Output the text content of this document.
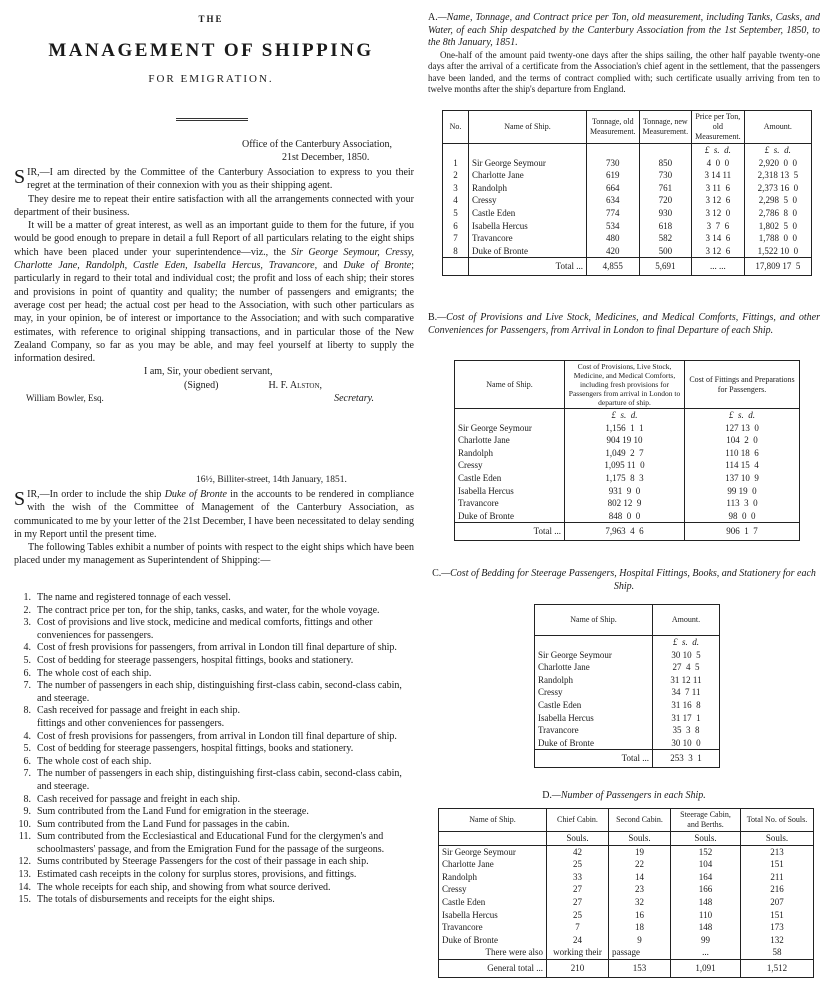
THE
MANAGEMENT OF SHIPPING
FOR EMIGRATION.
Office of the Canterbury Association,
21st December, 1850.

SIR,—I am directed by the Committee of the Canterbury Association to express to you their regret at the termination of their connexion with you as their shipping agent.

They desire me to repeat their entire satisfaction with all the arrangements connected with your department of their business.

It will be a matter of great interest, as well as an important guide to them for the future, if you would be good enough to prepare in detail a full Report of all particulars relating to the eight ships which have been placed under your superintendence—viz., the Sir George Seymour, Cressy, Charlotte Jane, Randolph, Castle Eden, Isabella Hercus, Travancore, and Duke of Bronte; particularly in regard to their total and individual cost; the profit and loss of each ship; their stores and provisions in point of quantity and quality; the number of passengers and emigrants; the average cost per head; the actual cost per head to the Association, with such other particulars as may, in your opinion, be of interest or importance to the Association; and with such comparative estimates, with reference to original shipping transactions, and in particular those of the New Zealand Company, so far as you may be able, and may feel yourself at liberty to supply the information desired.

I am, Sir, your obedient servant,

(Signed)	H. F. Alston,

William Bowler, Esq.	Secretary.

16½, Billiter-street, 14th January, 1851.

SIR,—In order to include the ship Duke of Bronte in the accounts to be rendered in compliance with the wish of the Committee of Management of the Canterbury Association, as communicated to me by your letter of the 21st December, I have been necessitated to delay sending in my Report until the present time.

The following Tables exhibit a number of points with respect to the eight ships which have been placed under my management as Superintendent of Shipping:—

1. The name and registered tonnage of each vessel.
2. The contract price per ton, for the ship, tanks, casks, and water, for the whole voyage.
3. Cost of provisions and live stock, medicine and medical comforts, fittings and other conveniences for passengers.
4. Cost of fresh provisions for passengers, from arrival in London till final departure of ship.
5. Cost of bedding for steerage passengers, hospital fittings, books and stationery.
6. The whole cost of each ship.
7. The number of passengers in each ship, distinguishing first-class cabin, second-class cabin, and steerage.
8. Cash received for passage and freight in each ship.
fittings and other conveniences for passengers.
4. Cost of fresh provisions for passengers, from arrival in London till final departure of ship.
5. Cost of bedding for steerage passengers, hospital fittings, books and stationery.
6. The whole cost of each ship.
7. The number of passengers in each ship, distinguishing first-class cabin, second-class cabin, and steerage.
8. Cash received for passage and freight in each ship.
9. Sum contributed from the Land Fund for emigration in the steerage.
10. Sum contributed from the Land Fund for passages in the cabin.
11. Sum contributed from the Ecclesiastical and Educational Fund for the clergymen's and schoolmasters' passage, and from the Emigration Fund for the passage of the surgeons.
12. Sums contributed by Steerage Passengers for the cost of their passage in each ship.
13. Estimated cash receipts in the colony for surplus stores, provisions, and fittings.
14. The whole receipts for each ship, and showing from what source derived.
15. The totals of disbursements and receipts for the eight ships.
A.—Name, Tonnage, and Contract price per Ton, old measurement, including Tanks, Casks, and Water, of each Ship despatched by the Canterbury Association from the 1st September, 1850, to the 8th January, 1851.
One-half of the amount paid twenty-one days after the ships sailing, the other half payable twenty-one days after the arrival of a certificate from the Association's chief agent in the settlement, that the passengers have been landed, and the terms of contract complied with; such certificate usually arriving from ten to twelve months after the ship's departure from England.
No.	Name of Ship.	Tonnage, old Measurement.	Tonnage, new Measurement.	Price per Ton, old Measurement.	Amount.
				£ s. d.	£ s. d.
1	Sir George Seymour	730	850	4  0  0	2,920  0  0
2	Charlotte Jane	619	730	3 14 11	2,318 13  5
3	Randolph	664	761	3 11  6	2,373 16  0
4	Cressy	634	720	3 12  6	2,298  5  0
5	Castle Eden	774	930	3 12  0	2,786  8  0
6	Isabella Hercus	534	618	3  7  6	1,802  5  0
7	Travancore	480	582	3 14  6	1,788  0  0
8	Duke of Bronte	420	500	3 12  6	1,522 10  0
	Total ...	4,855	5,691	... ...	17,809 17  5
B.—Cost of Provisions and Live Stock, Medicines, and Medical Comforts, Fittings, and other Conveniences for Passengers, from Arrival in London to final Departure of each Ship.
Name of Ship.	Cost of Provisions, Live Stock, Medicine, and Medical Comforts, including fresh provisions for Passengers from arrival in London to departure of ship.	Cost of Fittings and Preparations for Passengers.
	£  s.  d.	£  s.  d.
Sir George Seymour	1,156  1  1	127 13  0
Charlotte Jane	904 19 10	104  2  0
Randolph	1,049  2  7	110 18  6
Cressy	1,095 11  0	114 15  4
Castle Eden	1,175  8  3	137 10  9
Isabella Hercus	931  9  0	99 19  0
Travancore	802 12  9	113  3  0
Duke of Bronte	848  0  0	98  0  0
Total ...	7,963  4  6	906  1  7
C.—Cost of Bedding for Steerage Passengers, Hospital Fittings, Books, and Stationery for each Ship.
Name of Ship.	Amount.
	£  s.  d.
Sir George Seymour	30 10  5
Charlotte Jane	27  4  5
Randolph	31 12 11
Cressy	34  7 11
Castle Eden	31 16  8
Isabella Hercus	31 17  1
Travancore	35  3  8
Duke of Bronte	30 10  0
Total ...	253  3  1
D.—Number of Passengers in each Ship.
Name of Ship.	Chief Cabin.	Second Cabin.	Steerage Cabin, and Berths.	Total No. of Souls.
	Souls.	Souls.	Souls.	Souls.
Sir George Seymour	42	19	152	213
Charlotte Jane	25	22	104	151
Randolph	33	14	164	211
Cressy	27	23	166	216
Castle Eden	27	32	148	207
Isabella Hercus	25	16	110	151
Travancore	7	18	148	173
Duke of Bronte	24	9	99	132
There were also	working their	passage	...	58
General total ...	210	153	1,091	1,512
